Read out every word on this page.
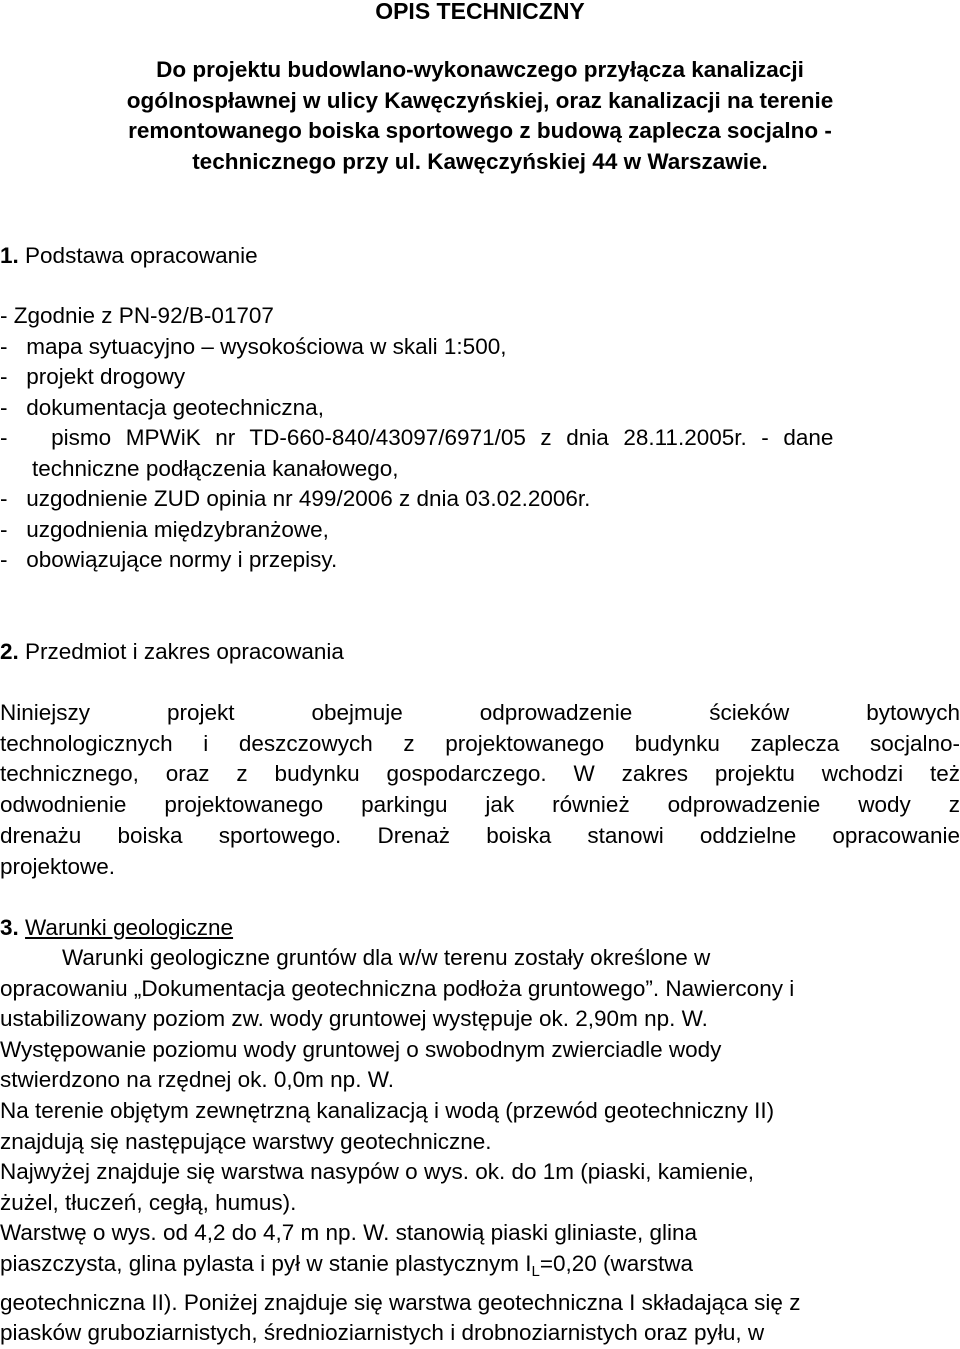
OPIS TECHNICZNY
Do projektu budowlano-wykonawczego przyłącza kanalizacji
ogólnospławnej w ulicy Kawęczyńskiej, oraz kanalizacji na terenie
remontowanego boiska sportowego z budową zaplecza socjalno -
technicznego przy ul. Kawęczyńskiej 44 w Warszawie.
1. Podstawa opracowanie
- Zgodnie z PN-92/B-01707
-   mapa sytuacyjno – wysokościowa w skali 1:500,
-   projekt drogowy
-   dokumentacja geotechniczna,
-   pismo MPWiK nr TD-660-840/43097/6971/05 z dnia 28.11.2005r. - dane
techniczne podłączenia kanałowego,
-   uzgodnienie ZUD opinia nr 499/2006 z dnia 03.02.2006r.
-   uzgodnienia międzybranżowe,
-   obowiązujące normy i przepisy.
2. Przedmiot i zakres opracowania

Niniejszy projekt obejmuje odprowadzenie ścieków bytowych
technologicznych i deszczowych z projektowanego budynku zaplecza socjalno-
technicznego, oraz z budynku gospodarczego. W zakres projektu wchodzi też
odwodnienie projektowanego parkingu jak również odprowadzenie wody z
drenażu boiska sportowego. Drenaż boiska stanowi oddzielne opracowanie
projektowe.

3. Warunki geologiczne

Warunki geologiczne gruntów dla w/w terenu zostały określone w
opracowaniu „Dokumentacja geotechniczna podłoża gruntowego”. Nawiercony i
ustabilizowany poziom zw. wody gruntowej występuje ok. 2,90m np. W.
Występowanie poziomu wody gruntowej o swobodnym zwierciadle wody
stwierdzono na rzędnej ok. 0,0m np. W.
Na terenie objętym zewnętrzną kanalizacją i wodą (przewód geotechniczny II)
znajdują się następujące warstwy geotechniczne.
Najwyżej znajduje się warstwa nasypów o wys. ok. do 1m (piaski, kamienie,
żużel, tłuczeń, cegłą, humus).
Warstwę o wys. od 4,2 do 4,7 m np. W. stanowią piaski gliniaste, glina
piaszczysta, glina pylasta i pył w stanie plastycznym $I_L=0,20$ (warstwa
geotechniczna II). Poniżej znajduje się warstwa geotechniczna I składająca się z
piasków gruboziarnistych, średnioziarnistych i drobnoziarnistych oraz pyłu, w
